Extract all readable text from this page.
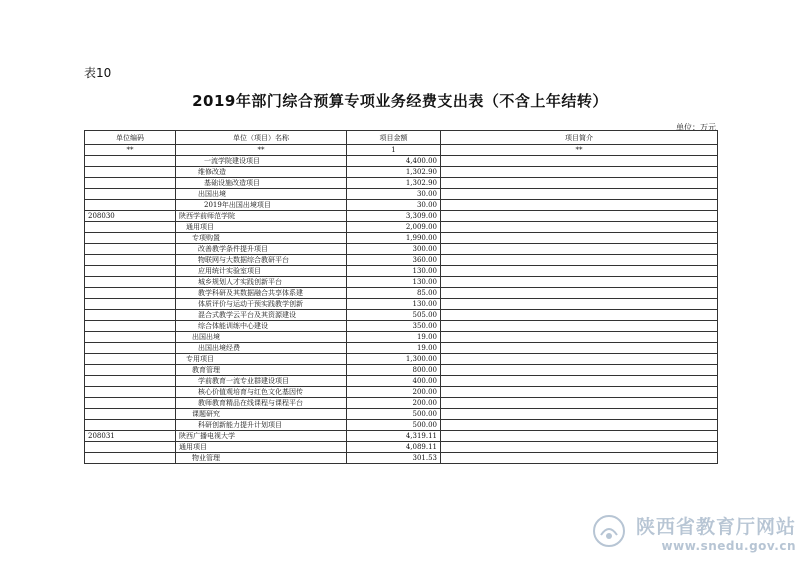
表10
2019年部门综合预算专项业务经费支出表（不含上年结转）
单位：万元
单位编码	单位（项目）名称	项目金额	项目简介
**	**	1	**
	一流学院建设项目	4,400.00	
	维修改造	1,302.90	
	基础设施改造项目	1,302.90	
	出国出境	30.00	
	2019年出国出境项目	30.00	
208030	陕西学前师范学院	3,309.00	
	通用项目	2,009.00	
	专项购置	1,990.00	
	改善教学条件提升项目	300.00	
	物联网与大数据综合教研平台	360.00	
	应用统计实验室项目	130.00	
	城乡规划人才实践创新平台	130.00	
	教学科研及其数据融合共享体系建	85.00	
	体质评价与运动干预实践教学创新	130.00	
	混合式教学云平台及其资源建设	505.00	
	综合体能训练中心建设	350.00	
	出国出境	19.00	
	出国出境经费	19.00	
	专用项目	1,300.00	
	教育管理	800.00	
	学前教育一流专业群建设项目	400.00	
	核心价值观培育与红色文化基因传	200.00	
	教师教育精品在线课程与课程平台	200.00	
	课题研究	500.00	
	科研创新能力提升计划项目	500.00	
208031	陕西广播电视大学	4,319.11	
	通用项目	4,089.11	
	物业管理	301.53	
陕西省教育厅网站
www.snedu.gov.cn
